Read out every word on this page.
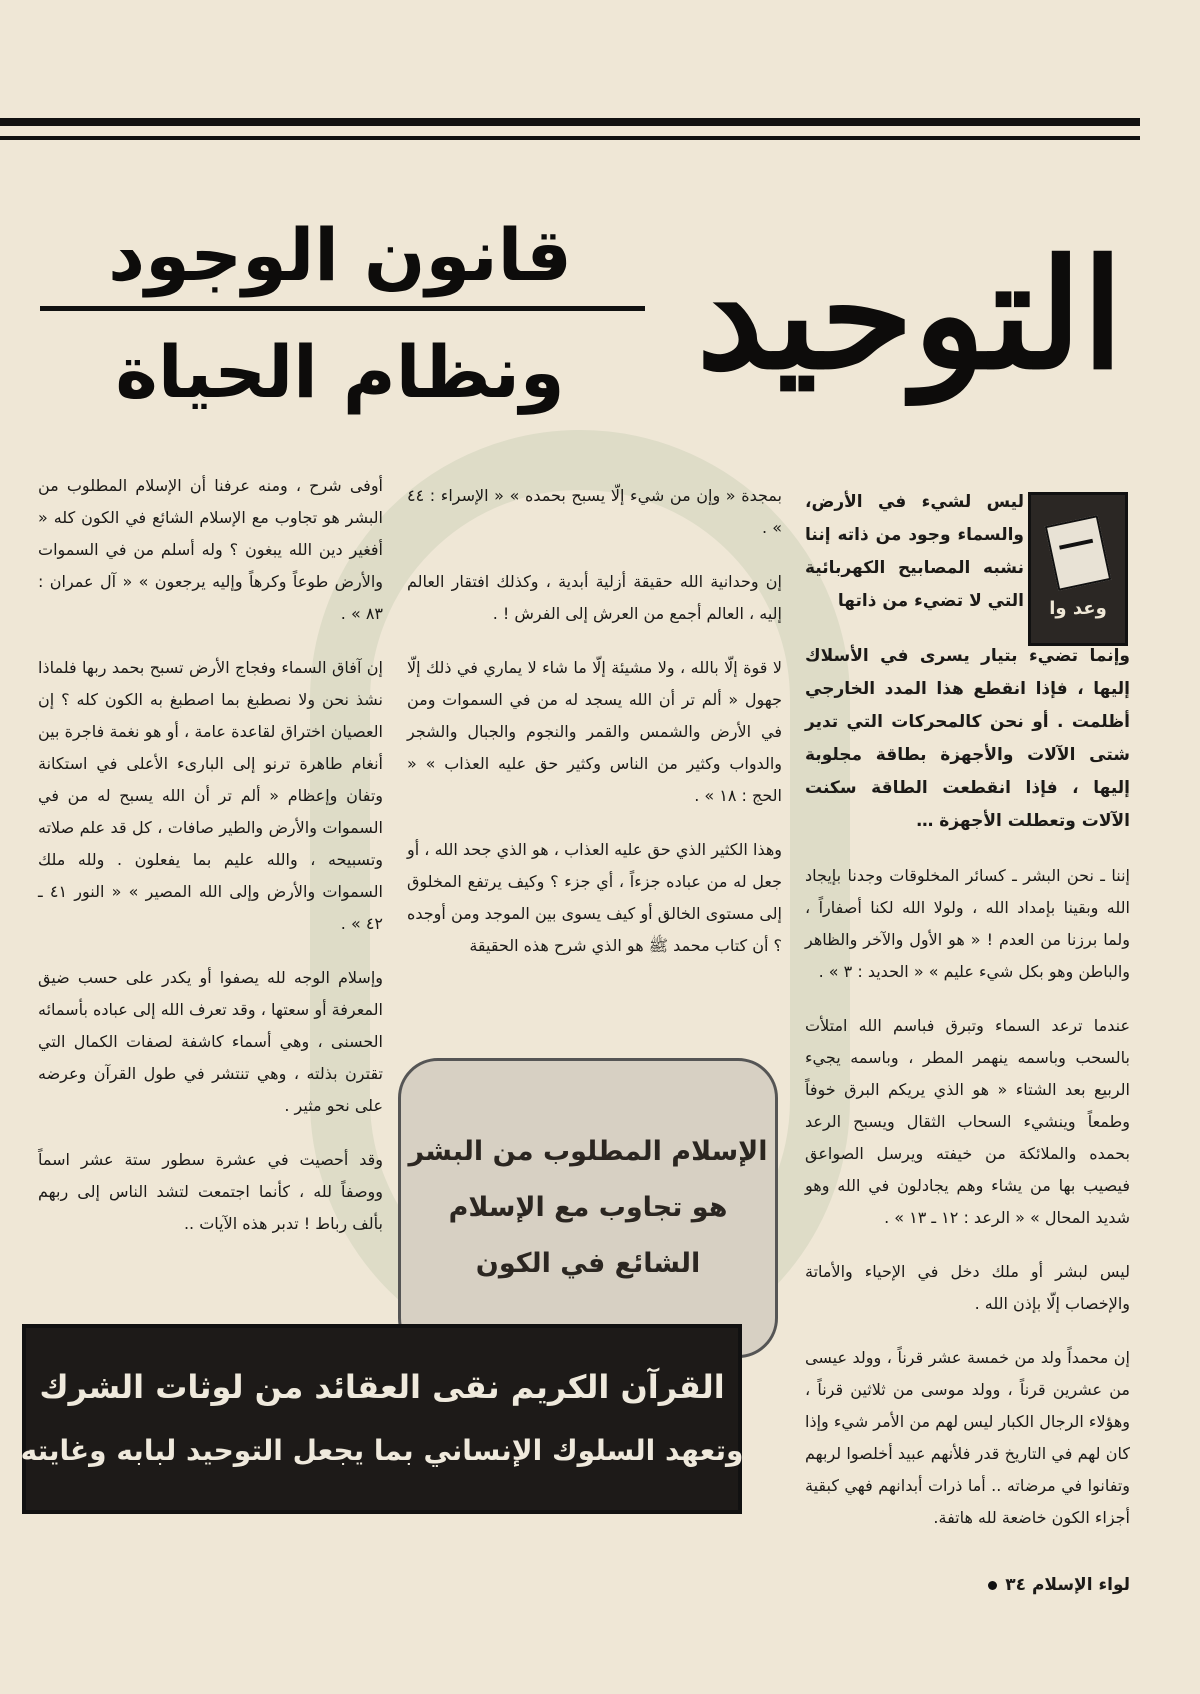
التوحيد
قانون الوجود
ونظام الحياة
وعد وا

ليس لشيء في الأرض، والسماء وجود من ذاته إننا نشبه المصابيح الكهربائية التي لا تضيء من ذاتها

وإنما تضيء بتيار يسرى في الأسلاك إليها ، فإذا انقطع هذا المدد الخارجي أظلمت . أو نحن كالمحركات التي تدير شتى الآلات والأجهزة بطاقة مجلوبة إليها ، فإذا انقطعت الطاقة سكنت الآلات وتعطلت الأجهزة …

إننا ـ نحن البشر ـ كسائر المخلوقات وجدنا بإيجاد الله وبقينا بإمداد الله ، ولولا الله لكنا أصفاراً ، ولما برزنا من العدم ! « هو الأول والآخر والظاهر والباطن وهو بكل شيء عليم » « الحديد : ٣ » .

عندما ترعد السماء وتبرق فباسم الله امتلأت بالسحب وباسمه ينهمر المطر ، وباسمه يجيء الربيع بعد الشتاء « هو الذي يريكم البرق خوفاً وطمعاً وينشيء السحاب الثقال ويسبح الرعد بحمده والملائكة من خيفته ويرسل الصواعق فيصيب بها من يشاء وهم يجادلون في الله وهو شديد المحال » « الرعد : ١٢ ـ ١٣ » .

ليس لبشر أو ملك دخل في الإحياء والأماتة والإخصاب إلّا بإذن الله .

إن محمداً ولد من خمسة عشر قرناً ، وولد عيسى من عشرين قرناً ، وولد موسى من ثلاثين قرناً ، وهؤلاء الرجال الكبار ليس لهم من الأمر شيء وإذا كان لهم في التاريخ قدر فلأنهم عبيد أخلصوا لربهم وتفانوا في مرضاته .. أما ذرات أبدانهم فهي كبقية أجزاء الكون خاضعة لله هاتفة.

بمجدة « وإن من شيء إلّا يسبح بحمده » « الإسراء : ٤٤ » .

إن وحدانية الله حقيقة أزلية أبدية ، وكذلك افتقار العالم إليه ، العالم أجمع من العرش إلى الفرش ! .

لا قوة إلّا بالله ، ولا مشيئة إلّا ما شاء لا يماري في ذلك إلّا جهول « ألم تر أن الله يسجد له من في السموات ومن في الأرض والشمس والقمر والنجوم والجبال والشجر والدواب وكثير من الناس وكثير حق عليه العذاب » « الحج : ١٨ » .

وهذا الكثير الذي حق عليه العذاب ، هو الذي جحد الله ، أو جعل له من عباده جزءاً ، أي جزء ؟ وكيف يرتفع المخلوق إلى مستوى الخالق أو كيف يسوى بين الموجد ومن أوجده ؟ أن كتاب محمد ﷺ هو الذي شرح هذه الحقيقة

أوفى شرح ، ومنه عرفنا أن الإسلام المطلوب من البشر هو تجاوب مع الإسلام الشائع في الكون كله « أفغير دين الله يبغون ؟ وله أسلم من في السموات والأرض طوعاً وكرهاً وإليه يرجعون » « آل عمران : ٨٣ » .

إن آفاق السماء وفجاج الأرض تسبح بحمد ربها فلماذا نشذ نحن ولا نصطبغ بما اصطبغ به الكون كله ؟ إن العصيان اختراق لقاعدة عامة ، أو هو نغمة فاجرة بين أنغام طاهرة ترنو إلى البارىء الأعلى في استكانة وتفان وإعظام « ألم تر أن الله يسبح له من في السموات والأرض والطير صافات ، كل قد علم صلاته وتسبيحه ، والله عليم بما يفعلون . ولله ملك السموات والأرض وإلى الله المصير » « النور ٤١ ـ ٤٢ » .

وإسلام الوجه لله يصفوا أو يكدر على حسب ضيق المعرفة أو سعتها ، وقد تعرف الله إلى عباده بأسمائه الحسنى ، وهي أسماء كاشفة لصفات الكمال التي تقترن بذلته ، وهي تنتشر في طول القرآن وعرضه على نحو مثير .

وقد أحصيت في عشرة سطور ستة عشر اسماً ووصفاً لله ، كأنما اجتمعت لتشد الناس إلى ربهم بألف رباط ! تدبر هذه الآيات ..

الإسلام المطلوب من البشر
هو تجاوب مع الإسلام
الشائع في الكون
القرآن الكريم نقى العقائد من لوثات الشرك
وتعهد السلوك الإنساني بما يجعل التوحيد لبابه وغايته
لواء الإسلام ٣٤
